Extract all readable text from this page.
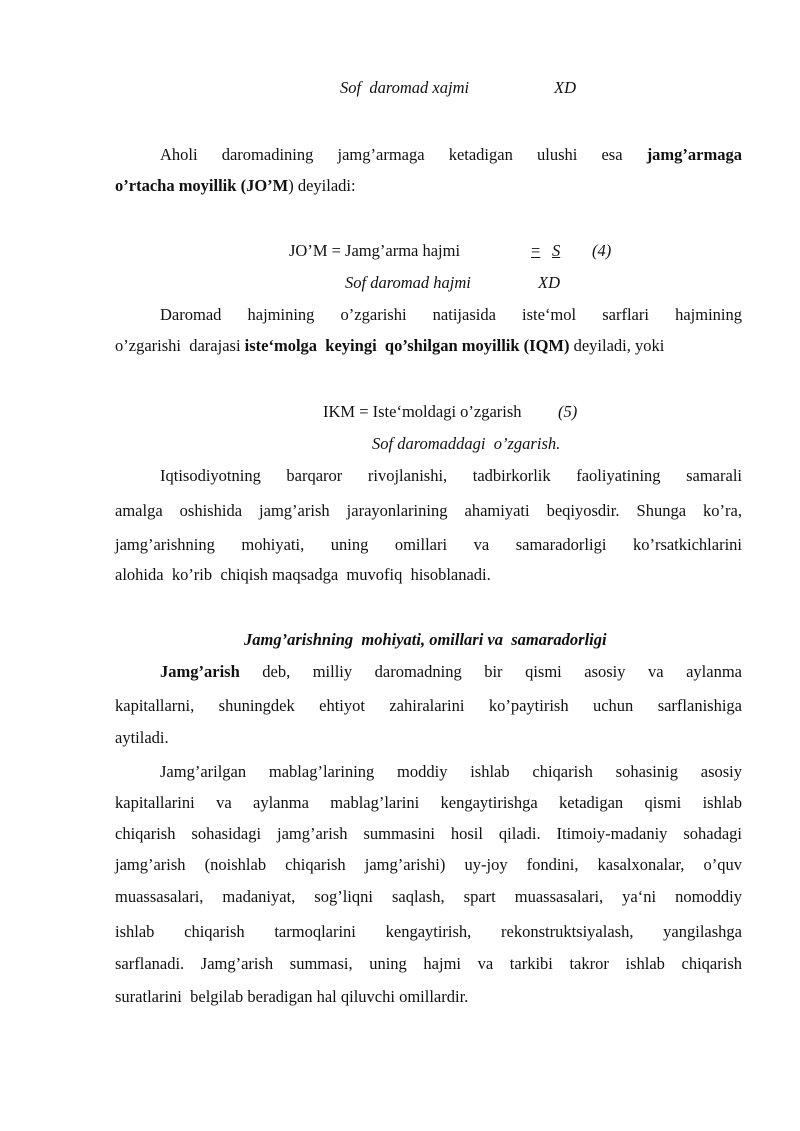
Sof  daromad xajmi	XD
Aholi daromadining jamg’armaga ketadigan ulushi esa jamg’armaga
o’rtacha moyillik (JO’M) deyiladi:
JO’M = Jamg’arma hajmi	= S	(4)
Sof daromad hajmi	XD
Daromad hajmining o’zgarishi natijasida iste‘mol sarflari hajmining
o’zgarishi  darajasi iste‘molga  keyingi  qo’shilgan moyillik (IQM) deyiladi, yoki
IKM = Iste‘moldagi o’zgarish (5)
Sof daromaddagi  o’zgarish.
Iqtisodiyotning barqaror rivojlanishi, tadbirkorlik faoliyatining samarali
amalga oshishida jamg’arish jarayonlarining ahamiyati beqiyosdir. Shunga ko’ra,
jamg’arishning mohiyati, uning omillari va samaradorligi ko’rsatkichlarini
alohida  ko’rib  chiqish maqsadga  muvofiq  hisoblanadi.
Jamg’arishning  mohiyati, omillari va  samaradorligi
Jamg’arish deb, milliy daromadning bir qismi asosiy va aylanma
kapitallarni, shuningdek ehtiyot zahiralarini ko’paytirish uchun sarflanishiga
aytiladi.
Jamg’arilgan mablag’larining moddiy ishlab chiqarish sohasinig asosiy
kapitallarini va aylanma mablag’larini kengaytirishga ketadigan qismi ishlab
chiqarish sohasidagi jamg’arish summasini hosil qiladi. Itimoiy-madaniy sohadagi
jamg’arish (noishlab chiqarish jamg’arishi) uy-joy fondini, kasalxonalar, o’quv
muassasalari, madaniyat, sog’liqni saqlash, spart muassasalari, ya‘ni nomoddiy
ishlab chiqarish tarmoqlarini kengaytirish, rekonstruktsiyalash, yangilashga
sarflanadi. Jamg’arish summasi, uning hajmi va tarkibi takror ishlab chiqarish
suratlarini  belgilab beradigan hal qiluvchi omillardir.
